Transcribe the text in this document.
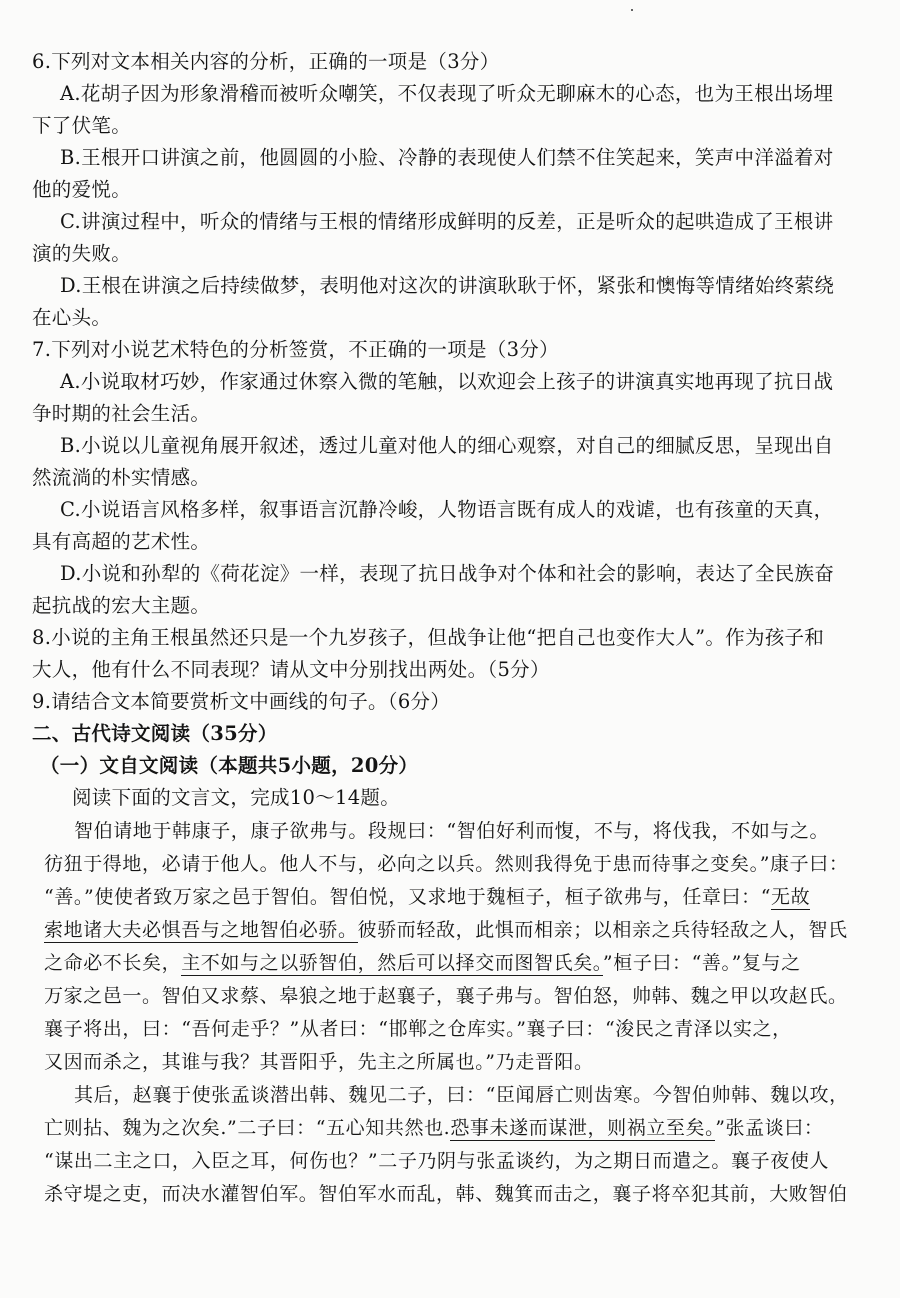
6.下列对文本相关内容的分析，正确的一项是（3分）
A.花胡子因为形象滑稽而被听众嘲笑，不仅表现了听众无聊麻木的心态，也为王根出场埋
下了伏笔。
B.王根开口讲演之前，他圆圆的小脸、冷静的表现使人们禁不住笑起来，笑声中洋溢着对
他的爱悦。
C.讲演过程中，听众的情绪与王根的情绪形成鲜明的反差，正是听众的起哄造成了王根讲
演的失败。
D.王根在讲演之后持续做梦，表明他对这次的讲演耿耿于怀，紧张和懊悔等情绪始终萦绕
在心头。
7.下列对小说艺术特色的分析签赏，不正确的一项是（3分）
A.小说取材巧妙，作家通过休察入微的笔触，以欢迎会上孩子的讲演真实地再现了抗日战
争时期的社会生活。
B.小说以儿童视角展开叙述，透过儿童对他人的细心观察，对自己的细腻反思，呈现出自
然流淌的朴实情感。
C.小说语言风格多样，叙事语言沉静冷峻，人物语言既有成人的戏谑，也有孩童的天真，
具有高超的艺术性。
D.小说和孙犁的《荷花淀》一样，表现了抗日战争对个体和社会的影响，表达了全民族奋
起抗战的宏大主题。
8.小说的主角王根虽然还只是一个九岁孩子，但战争让他“把自己也变作大人”。作为孩子和
大人，他有什么不同表现？请从文中分别找出两处。（5分）
9.请结合文本简要赏析文中画线的句子。（6分）
二、古代诗文阅读（35分）
（一）文自文阅读（本题共5小题，20分）
阅读下面的文言文，完成10～14题。
智伯请地于韩康子，康子欲弗与。段规曰：“智伯好利而愎，不与，将伐我，不如与之。
彷狃于得地，必请于他人。他人不与，必向之以兵。然则我得免于患而待事之变矣。”康子曰：
“善。”使使者致万家之邑于智伯。智伯悦，又求地于魏桓子，桓子欲弗与，任章曰：“无故
索地诸大夫必惧吾与之地智伯必骄。彼骄而轻敌，此惧而相亲；以相亲之兵待轻敌之人，智氏
之命必不长矣，主不如与之以骄智伯，然后可以择交而图智氏矣。”桓子曰：“善。”复与之
万家之邑一。智伯又求蔡、皋狼之地于赵襄子，襄子弗与。智伯怒，帅韩、魏之甲以攻赵氏。
襄子将出，曰：“吾何走乎？”从者曰：“邯郸之仓库实。”襄子曰：“浚民之青泽以实之，
又因而杀之，其谁与我？其晋阳乎，先主之所属也。”乃走晋阳。
其后，赵襄于使张孟谈潜出韩、魏见二子，曰：“臣闻唇亡则齿寒。今智伯帅韩、魏以攻，
亡则拈、魏为之次矣.”二子曰：“五心知共然也.恐事未遂而谋泄，则祸立至矣。”张孟谈曰：
“谋出二主之口，入臣之耳，何伤也？”二子乃阴与张孟谈约，为之期日而遣之。襄子夜使人
杀守堤之吏，而决水灌智伯军。智伯军水而乱，韩、魏箕而击之，襄子将卒犯其前，大败智伯
